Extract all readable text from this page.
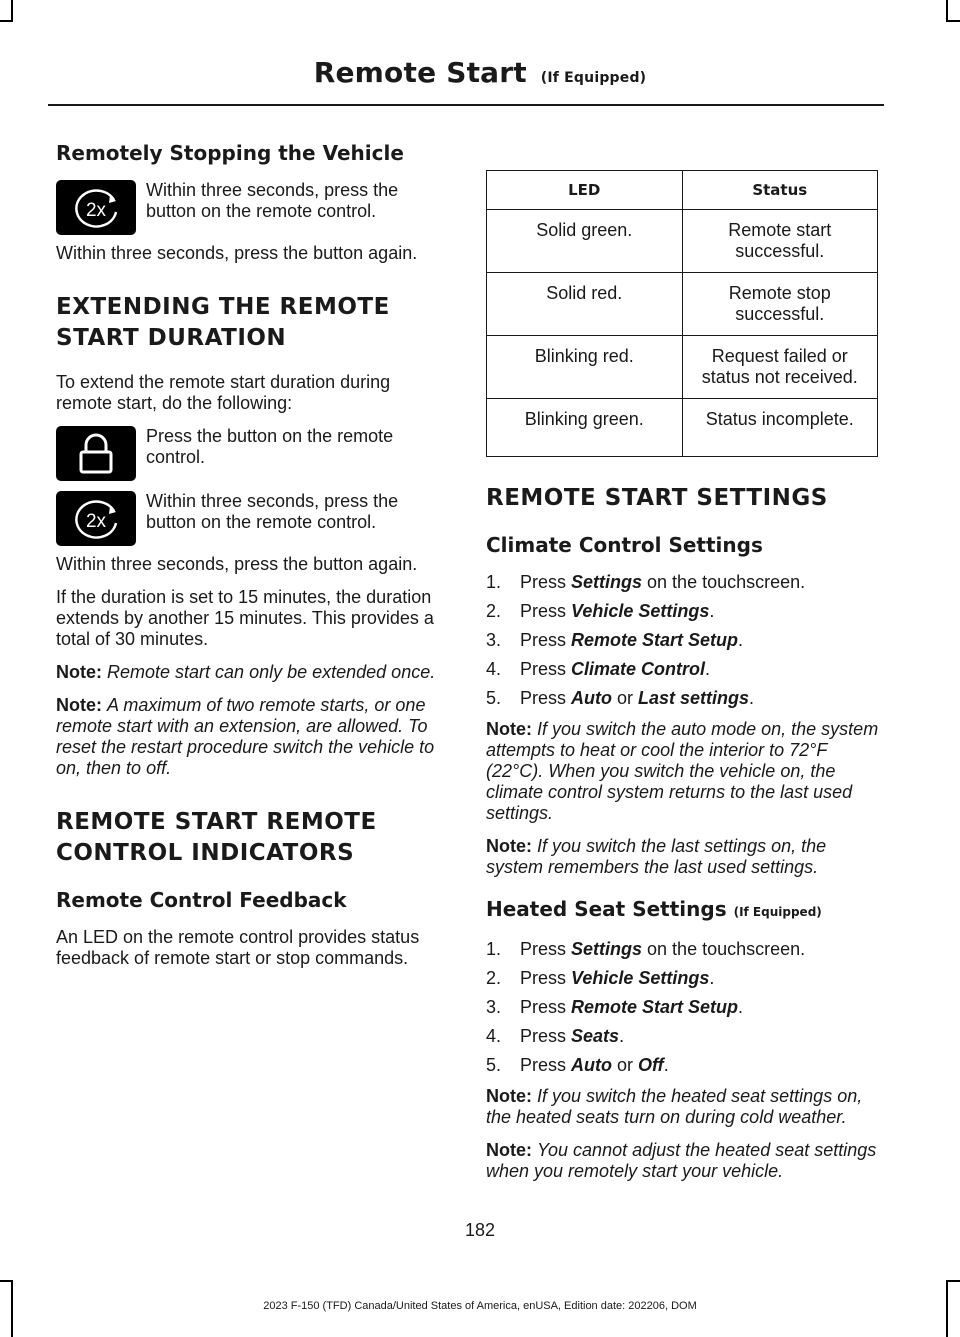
Remote Start (If Equipped)
Remotely Stopping the Vehicle
2x

Within three seconds, press the button on the remote control.

Within three seconds, press the button again.

EXTENDING THE REMOTE
START DURATION

To extend the remote start duration during remote start, do the following:

Press the button on the remote control.

2x

Within three seconds, press the button on the remote control.

Within three seconds, press the button again.

If the duration is set to 15 minutes, the duration extends by another 15 minutes. This provides a total of 30 minutes.

Note: Remote start can only be extended once.

Note: A maximum of two remote starts, or one remote start with an extension, are allowed. To reset the restart procedure switch the vehicle to on, then to off.

REMOTE START REMOTE
CONTROL INDICATORS
Remote Control Feedback

An LED on the remote control provides status feedback of remote start or stop commands.

LED	Status
Solid green.	Remote start successful.
Solid red.	Remote stop successful.
Blinking red.	Request failed or status not received.
Blinking green.	Status incomplete.
REMOTE START SETTINGS
Climate Control Settings
1.	Press Settings on the touchscreen.
2.	Press Vehicle Settings.
3.	Press Remote Start Setup.
4.	Press Climate Control.
5.	Press Auto or Last settings.

Note: If you switch the auto mode on, the system attempts to heat or cool the interior to 72°F (22°C). When you switch the vehicle on, the climate control system returns to the last used settings.

Note: If you switch the last settings on, the system remembers the last used settings.

Heated Seat Settings (If Equipped)
1.	Press Settings on the touchscreen.
2.	Press Vehicle Settings.
3.	Press Remote Start Setup.
4.	Press Seats.
5.	Press Auto or Off.

Note: If you switch the heated seat settings on, the heated seats turn on during cold weather.

Note: You cannot adjust the heated seat settings when you remotely start your vehicle.

182
2023 F-150 (TFD) Canada/United States of America, enUSA, Edition date: 202206, DOM
